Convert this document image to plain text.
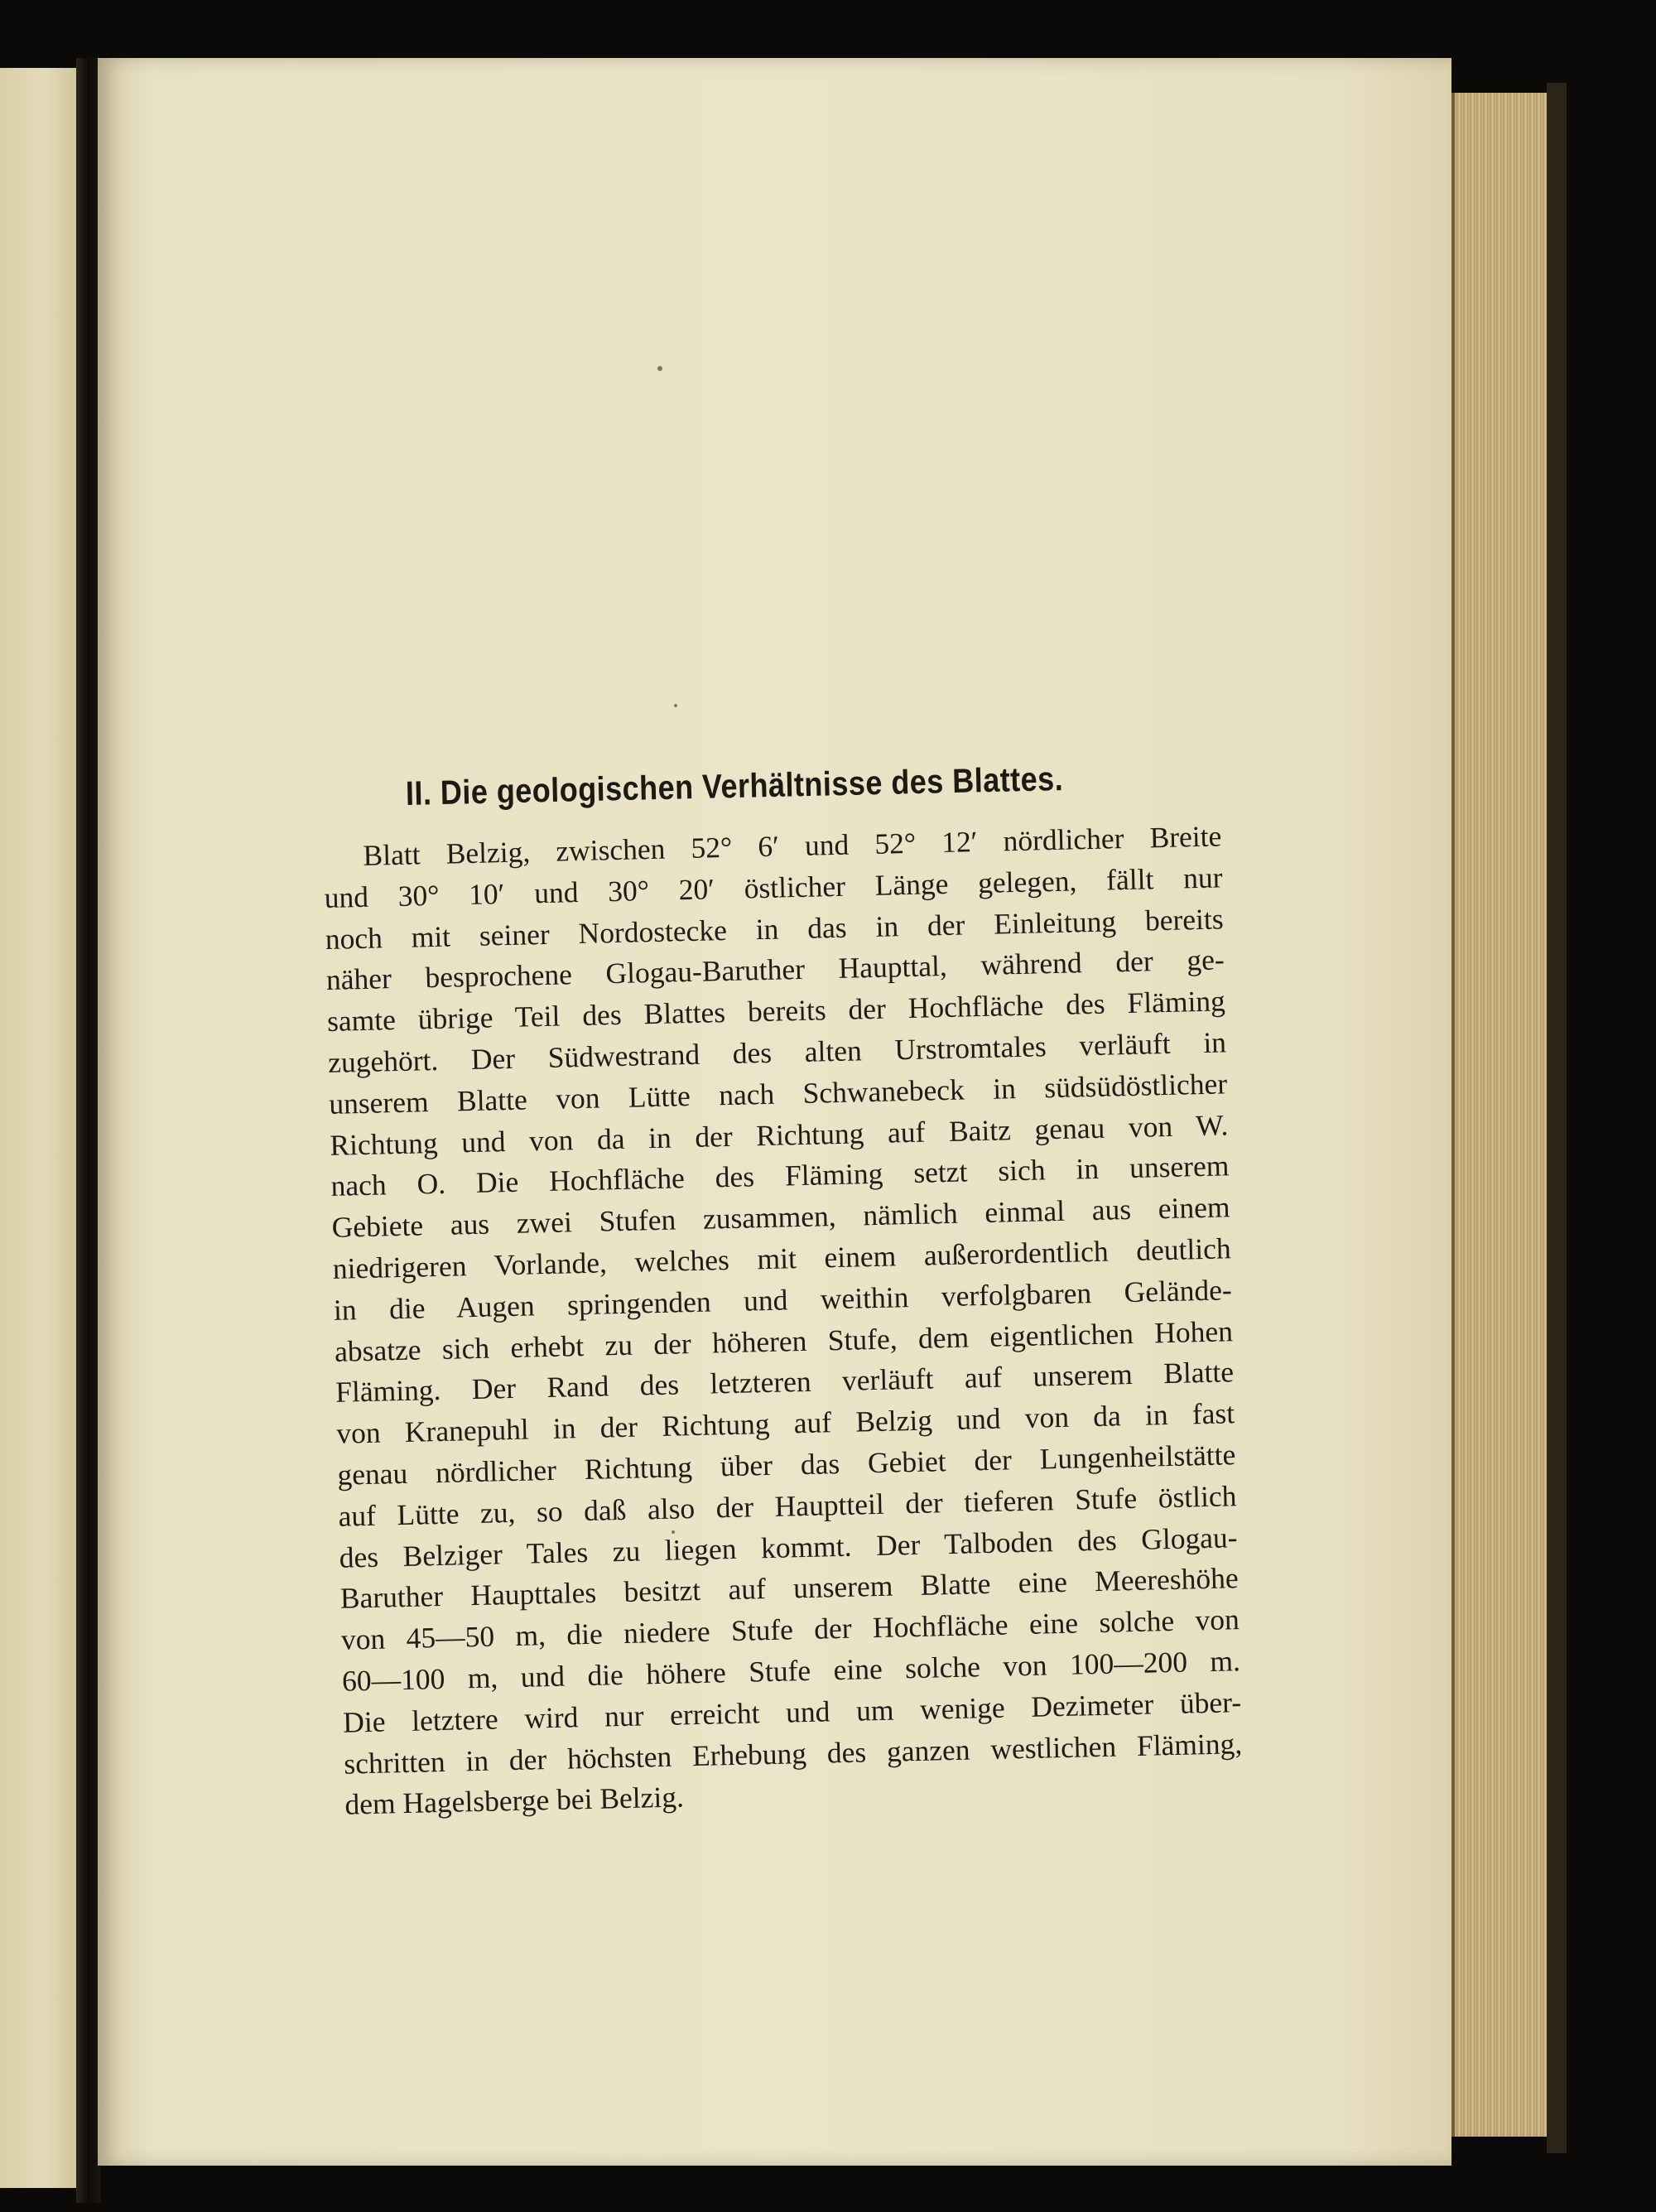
II. Die geologischen Verhältnisse des Blattes.
Blatt Belzig, zwischen 52° 6′ und 52° 12′ nördlicher Breite
und 30° 10′ und 30° 20′ östlicher Länge gelegen, fällt nur
noch mit seiner Nordostecke in das in der Einleitung bereits
näher besprochene Glogau-Baruther Haupttal, während der ge-
samte übrige Teil des Blattes bereits der Hochfläche des Fläming
zugehört. Der Südwestrand des alten Urstromtales verläuft in
unserem Blatte von Lütte nach Schwanebeck in südsüdöstlicher
Richtung und von da in der Richtung auf Baitz genau von W.
nach O. Die Hochfläche des Fläming setzt sich in unserem
Gebiete aus zwei Stufen zusammen, nämlich einmal aus einem
niedrigeren Vorlande, welches mit einem außerordentlich deutlich
in die Augen springenden und weithin verfolgbaren Gelände-
absatze sich erhebt zu der höheren Stufe, dem eigentlichen Hohen
Fläming. Der Rand des letzteren verläuft auf unserem Blatte
von Kranepuhl in der Richtung auf Belzig und von da in fast
genau nördlicher Richtung über das Gebiet der Lungenheilstätte
auf Lütte zu, so daß also der Hauptteil der tieferen Stufe östlich
des Belziger Tales zu liegen kommt. Der Talboden des Glogau-
Baruther Haupttales besitzt auf unserem Blatte eine Meereshöhe
von 45—50 m, die niedere Stufe der Hochfläche eine solche von
60—100 m, und die höhere Stufe eine solche von 100—200 m.
Die letztere wird nur erreicht und um wenige Dezimeter über-
schritten in der höchsten Erhebung des ganzen westlichen Fläming,
dem Hagelsberge bei Belzig.
